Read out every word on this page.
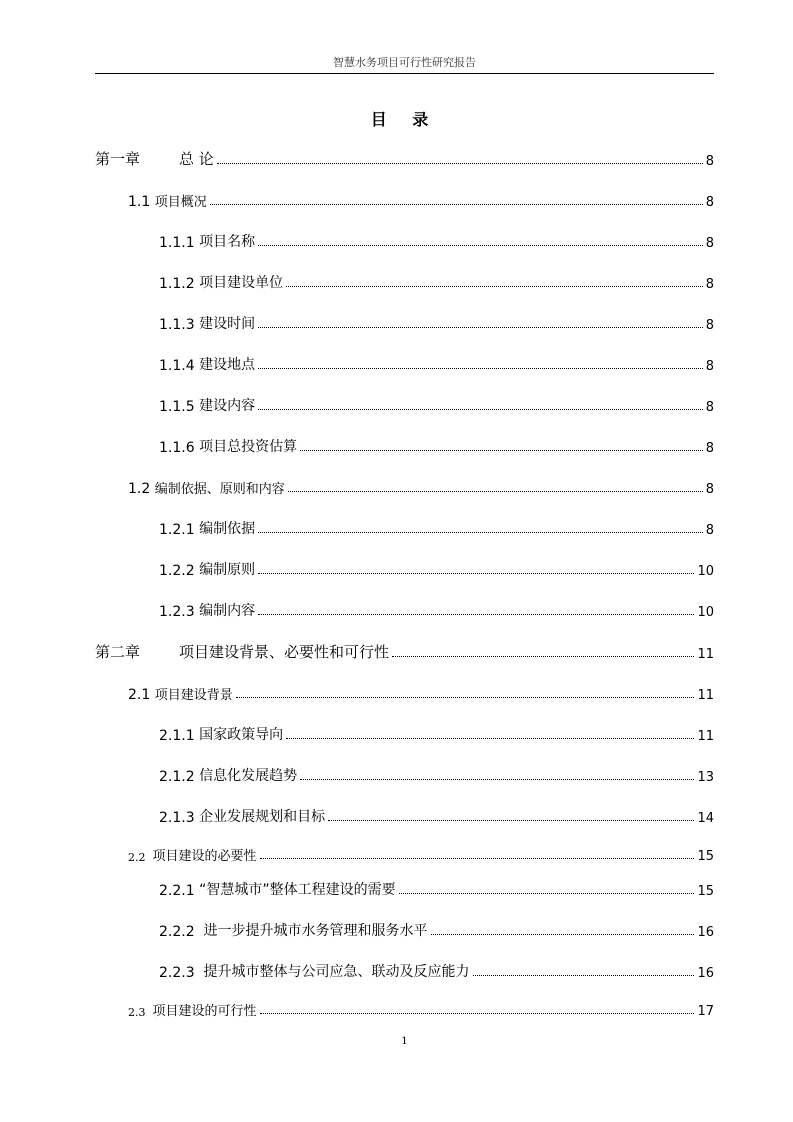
智慧水务项目可行性研究报告
目 录
第一章	总 论	8
1.1 项目概况	8
1.1.1 项目名称	8
1.1.2 项目建设单位	8
1.1.3 建设时间	8
1.1.4 建设地点	8
1.1.5 建设内容	8
1.1.6 项目总投资估算	8
1.2 编制依据、原则和内容	8
1.2.1 编制依据	8
1.2.2 编制原则	10
1.2.3 编制内容	10
第二章	项目建设背景、必要性和可行性	11
2.1 项目建设背景	11
2.1.1 国家政策导向	11
2.1.2 信息化发展趋势	13
2.1.3 企业发展规划和目标	14
2.2 项目建设的必要性	15
2.2.1 “智慧城市”整体工程建设的需要	15
2.2.2 进一步提升城市水务管理和服务水平	16
2.2.3 提升城市整体与公司应急、联动及反应能力	16
2.3 项目建设的可行性	17
1
